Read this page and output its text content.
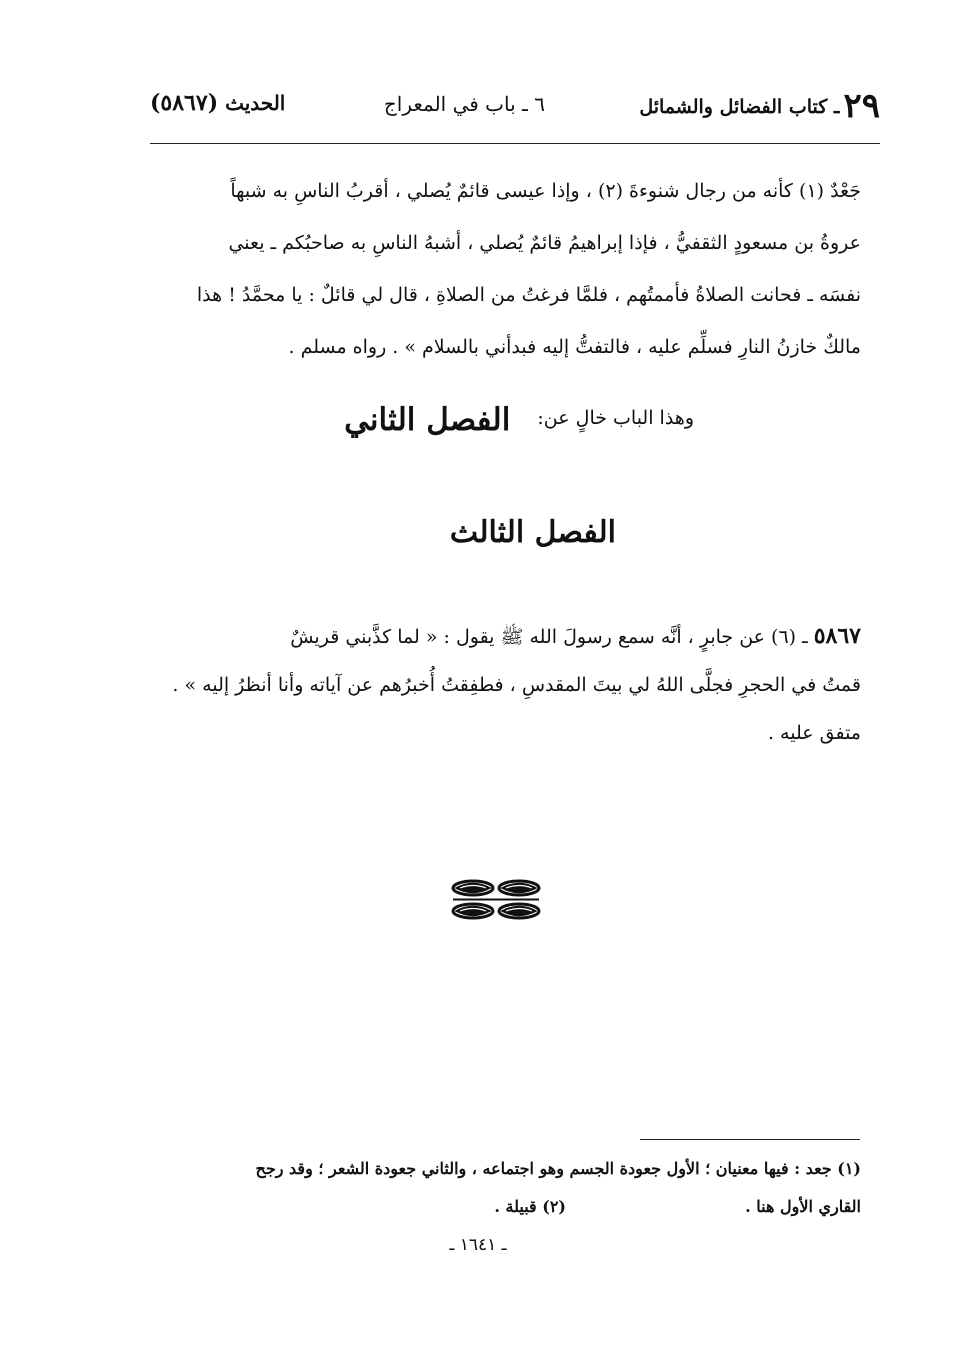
٢٩ـ كتاب الفضائل والشمائل
٦ ـ باب في المعراج
الحديث (٥٨٦٧)
جَعْدٌ (١) كأنه من رجال شنوءةَ (٢) ، وإذا عيسى قائمٌ يُصلي ، أقربُ الناسِ به شبهاً
عروةُ بن مسعودٍ الثقفيُّ ، فإذا إبراهيمُ قائمٌ يُصلي ، أشبهُ الناسِ به صاحبُكم ـ يعني
نفسَه ـ فحانت الصلاةُ فأممتُهم ، فلمَّا فرغتُ من الصلاةِ ، قال لي قائلٌ : يا محمَّدُ ! هذا
مالكٌ خازنُ النارِ فسلِّم عليه ، فالتفتُّ إليه فبدأني بالسلام » . رواه مسلم .
وهذا الباب خالٍ عن: الفصل الثاني
الفصل الثالث
٥٨٦٧ ـ (٦) عن جابرٍ ، أنَّه سمع رسولَ الله ﷺ يقول : « لما كذَّبني قريشٌ
قمتُ في الحجرِ فجلَّى اللهُ لي بيتَ المقدسِ ، فطفِقتُ أُخبرُهم عن آياته وأنا أنظرُ إليه » .
متفق عليه .
(١) جعد : فيها معنيان ؛ الأول جعودة الجسم وهو اجتماعه ، والثاني جعودة الشعر ؛ وقد رجح
القاري الأول هنا .
(٢) قبيلة .
ـ ١٦٤١ ـ
